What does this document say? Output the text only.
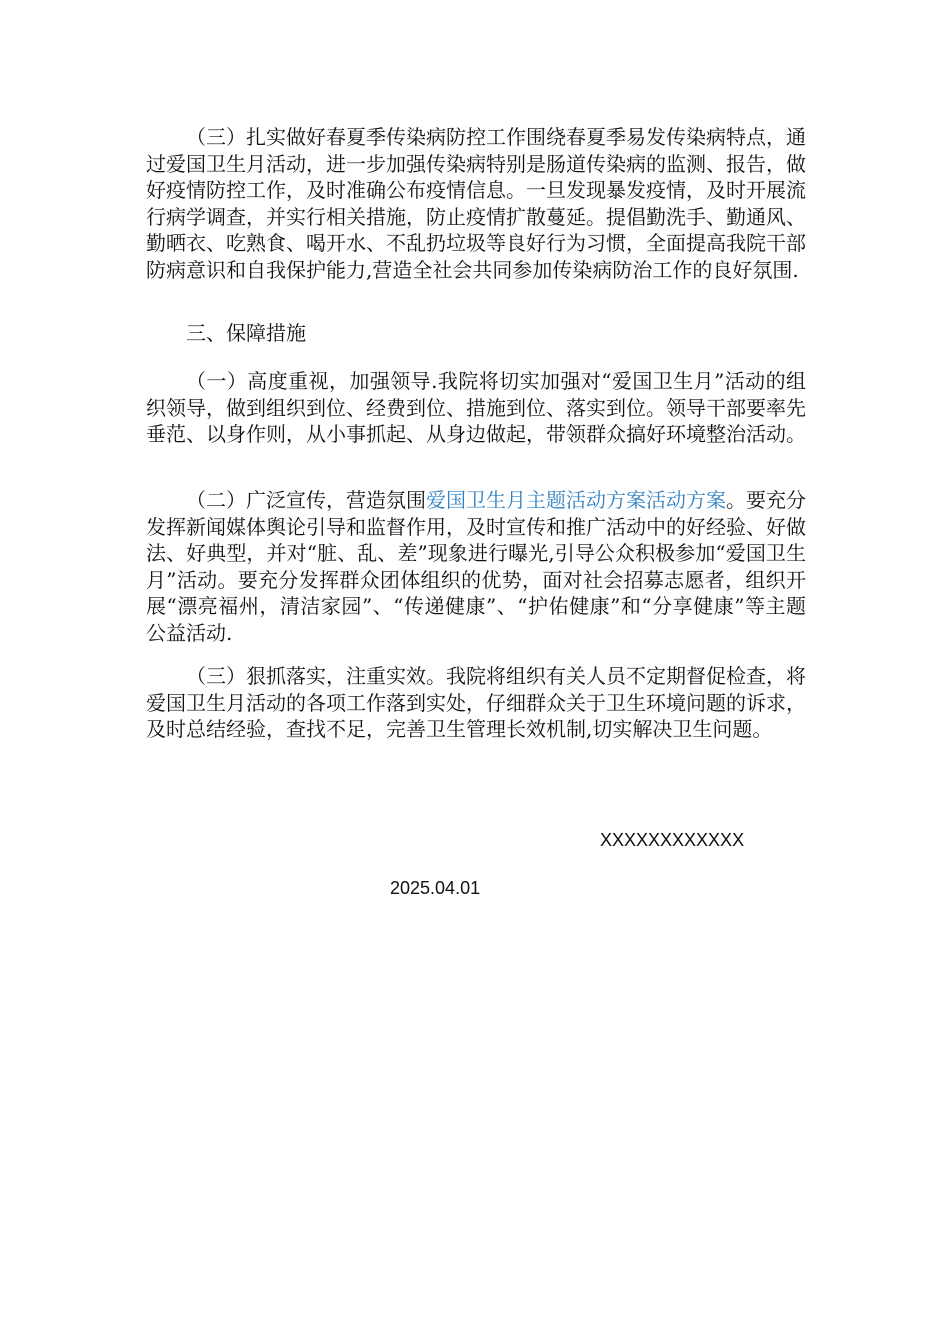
（三）扎实做好春夏季传染病防控工作围绕春夏季易发传染病特点，通过爱国卫生月活动，进一步加强传染病特别是肠道传染病的监测、报告，做好疫情防控工作，及时准确公布疫情信息。一旦发现暴发疫情，及时开展流行病学调查，并实行相关措施，防止疫情扩散蔓延。提倡勤洗手、勤通风、勤晒衣、吃熟食、喝开水、不乱扔垃圾等良好行为习惯，全面提高我院干部防病意识和自我保护能力,营造全社会共同参加传染病防治工作的良好氛围.

三、保障措施

（一）高度重视，加强领导.我院将切实加强对“爱国卫生月”活动的组织领导，做到组织到位、经费到位、措施到位、落实到位。领导干部要率先垂范、以身作则，从小事抓起、从身边做起，带领群众搞好环境整治活动。

（二）广泛宣传，营造氛围爱国卫生月主题活动方案活动方案。要充分发挥新闻媒体舆论引导和监督作用，及时宣传和推广活动中的好经验、好做法、好典型，并对“脏、乱、差”现象进行曝光,引导公众积极参加“爱国卫生月”活动。要充分发挥群众团体组织的优势，面对社会招募志愿者，组织开展“漂亮福州，清洁家园”、“传递健康”、“护佑健康”和“分享健康”等主题公益活动.

（三）狠抓落实，注重实效。我院将组织有关人员不定期督促检查，将爱国卫生月活动的各项工作落到实处，仔细群众关于卫生环境问题的诉求，及时总结经验，查找不足，完善卫生管理长效机制,切实解决卫生问题。

XXXXXXXXXXXX
2025.04.01
